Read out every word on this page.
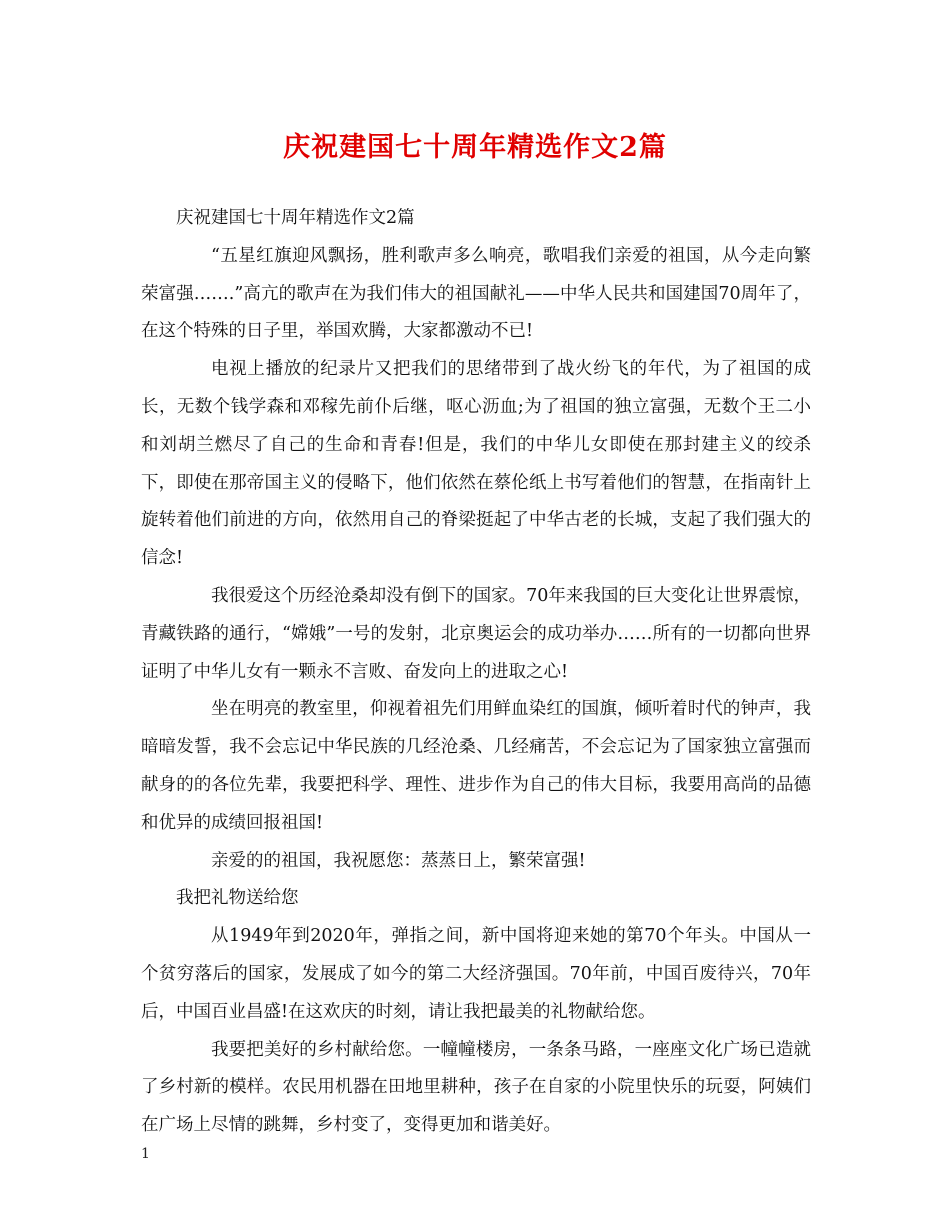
庆祝建国七十周年精选作文2篇

庆祝建国七十周年精选作文2篇

“五星红旗迎风飘扬，胜利歌声多么响亮，歌唱我们亲爱的祖国，从今走向繁荣富强…….”高亢的歌声在为我们伟大的祖国献礼——中华人民共和国建国70周年了，在这个特殊的日子里，举国欢腾，大家都激动不已!

电视上播放的纪录片又把我们的思绪带到了战火纷飞的年代，为了祖国的成长，无数个钱学森和邓稼先前仆后继，呕心沥血;为了祖国的独立富强，无数个王二小和刘胡兰燃尽了自己的生命和青春!但是，我们的中华儿女即使在那封建主义的绞杀下，即使在那帝国主义的侵略下，他们依然在蔡伦纸上书写着他们的智慧，在指南针上旋转着他们前进的方向，依然用自己的脊梁挺起了中华古老的长城，支起了我们强大的信念!

我很爱这个历经沧桑却没有倒下的国家。70年来我国的巨大变化让世界震惊，青藏铁路的通行，“嫦娥”一号的发射，北京奥运会的成功举办……所有的一切都向世界证明了中华儿女有一颗永不言败、奋发向上的进取之心!

坐在明亮的教室里，仰视着祖先们用鲜血染红的国旗，倾听着时代的钟声，我暗暗发誓，我不会忘记中华民族的几经沧桑、几经痛苦，不会忘记为了国家独立富强而献身的的各位先辈，我要把科学、理性、进步作为自己的伟大目标，我要用高尚的品德和优异的成绩回报祖国!

亲爱的的祖国，我祝愿您：蒸蒸日上，繁荣富强!

我把礼物送给您

从1949年到2020年，弹指之间，新中国将迎来她的第70个年头。中国从一个贫穷落后的国家，发展成了如今的第二大经济强国。70年前，中国百废待兴，70年后，中国百业昌盛!在这欢庆的时刻，请让我把最美的礼物献给您。

我要把美好的乡村献给您。一幢幢楼房，一条条马路，一座座文化广场已造就了乡村新的模样。农民用机器在田地里耕种，孩子在自家的小院里快乐的玩耍，阿姨们在广场上尽情的跳舞，乡村变了，变得更加和谐美好。

1
